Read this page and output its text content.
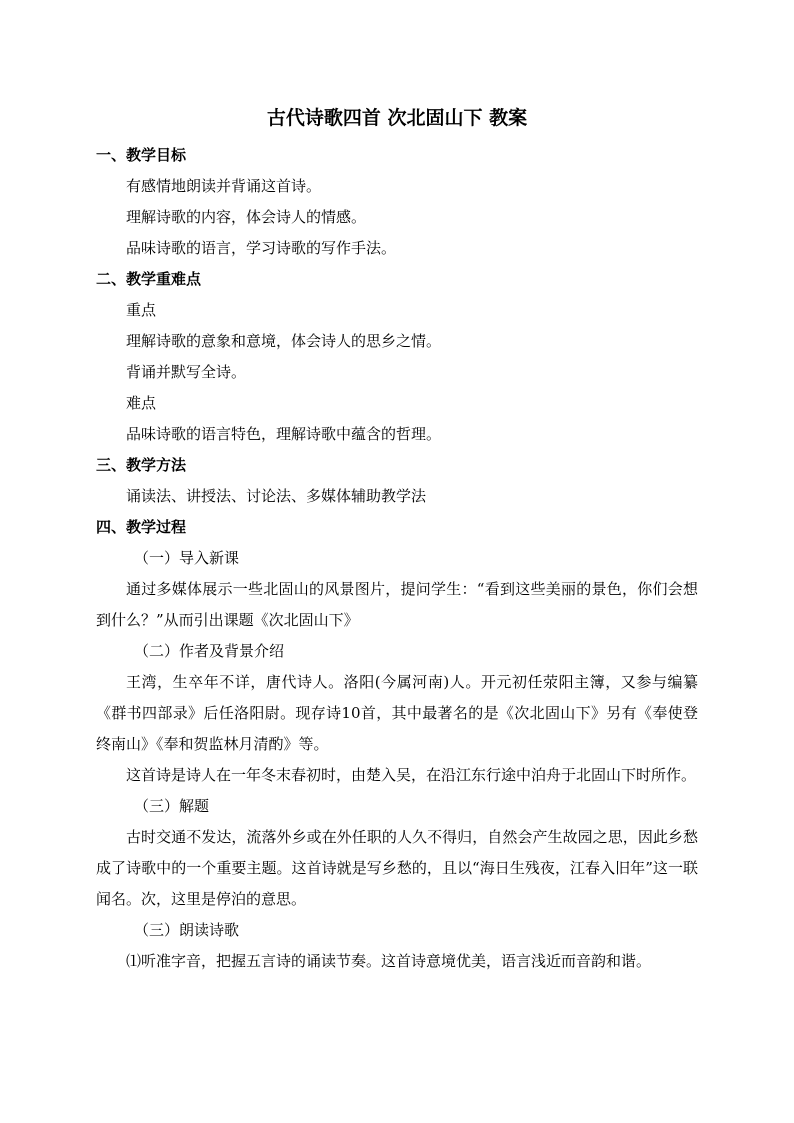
古代诗歌四首 次北固山下 教案
一、教学目标
有感情地朗读并背诵这首诗。
理解诗歌的内容，体会诗人的情感。
品味诗歌的语言，学习诗歌的写作手法。
二、教学重难点
重点
理解诗歌的意象和意境，体会诗人的思乡之情。
背诵并默写全诗。
难点
品味诗歌的语言特色，理解诗歌中蕴含的哲理。
三、教学方法
诵读法、讲授法、讨论法、多媒体辅助教学法
四、教学过程
（一）导入新课
通过多媒体展示一些北固山的风景图片，提问学生：“看到这些美丽的景色，你们会想到什么？”从而引出课题《次北固山下》
（二）作者及背景介绍
王湾，生卒年不详，唐代诗人。洛阳(今属河南)人。开元初任荥阳主簿，又参与编纂《群书四部录》后任洛阳尉。现存诗10首，其中最著名的是《次北固山下》另有《奉使登终南山》《奉和贺监林月清酌》等。
这首诗是诗人在一年冬末春初时，由楚入吴，在沿江东行途中泊舟于北固山下时所作。
（三）解题
古时交通不发达，流落外乡或在外任职的人久不得归，自然会产生故园之思，因此乡愁成了诗歌中的一个重要主题。这首诗就是写乡愁的，且以“海日生残夜，江春入旧年”这一联闻名。次，这里是停泊的意思。
（三）朗读诗歌
⑴听准字音，把握五言诗的诵读节奏。这首诗意境优美，语言浅近而音韵和谐。
